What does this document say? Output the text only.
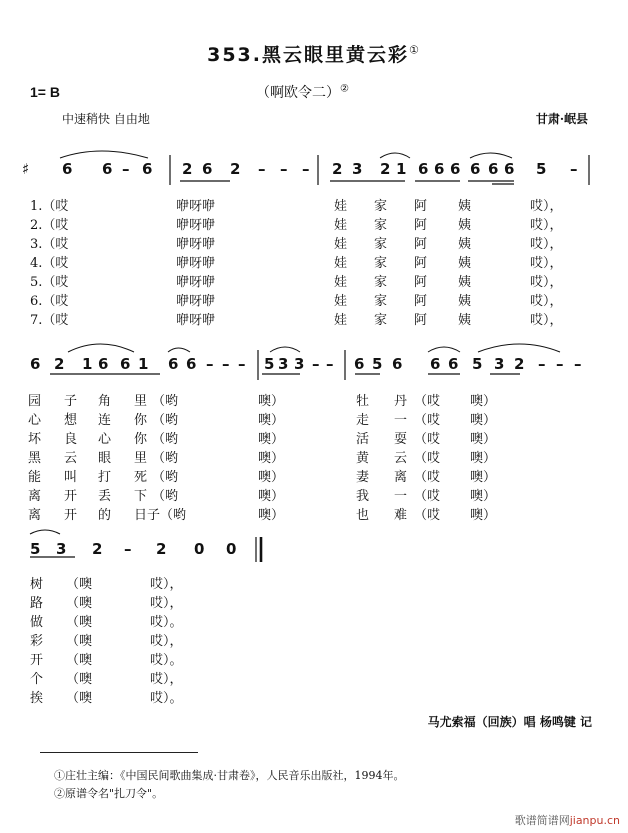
353.黑云眼里黄云彩①
1= B	（啊欧令二）②
中速稍快 自由地	甘肃·岷县
♯ 6 6 – 6 2 6 2 – – – 2 3 2 1 6 6 6 6 6 6 5 –
1.（哎	咿呀咿	娃 家 阿 姨	哎），
2.（哎	咿呀咿	娃 家 阿 姨	哎），
3.（哎	咿呀咿	娃 家 阿 姨	哎），
4.（哎	咿呀咿	娃 家 阿 姨	哎），
5.（哎	咿呀咿	娃 家 阿 姨	哎），
6.（哎	咿呀咿	娃 家 阿 姨	哎），
7.（哎	咿呀咿	娃 家 阿 姨	哎），
6 2 1 6 6 1 6 6 – – – 5 3 3 – – 6 5 6 6 6 5 3 2 – – –
园 子 角 里 （哟	噢）	牡 丹 （哎 噢）
心 想 连 你 （哟	噢）	走 一 （哎 噢）
坏 良 心 你 （哟	噢）	活 耍 （哎 噢）
黑 云 眼 里 （哟	噢）	黄 云 （哎 噢）
能 叫 打 死 （哟	噢）	妻 离 （哎 噢）
离 开 丢 下 （哟	噢）	我 一 （哎 噢）
离 开 的 日子 （哟	噢）	也 难 （哎 噢）
5 3 2 – 2 0 0
树 （噢	哎），
路 （噢	哎），
做 （噢	哎）。
彩 （噢	哎），
开 （噢	哎）。
个 （噢	哎），
挨 （噢	哎）。
马尤索福（回族）唱 杨鸣键 记
①庄壮主编：《中国民间歌曲集成·甘肃卷》，人民音乐出版社，1994年。
②原谱令名"扎刀令"。
歌谱简谱网jianpu.cn
